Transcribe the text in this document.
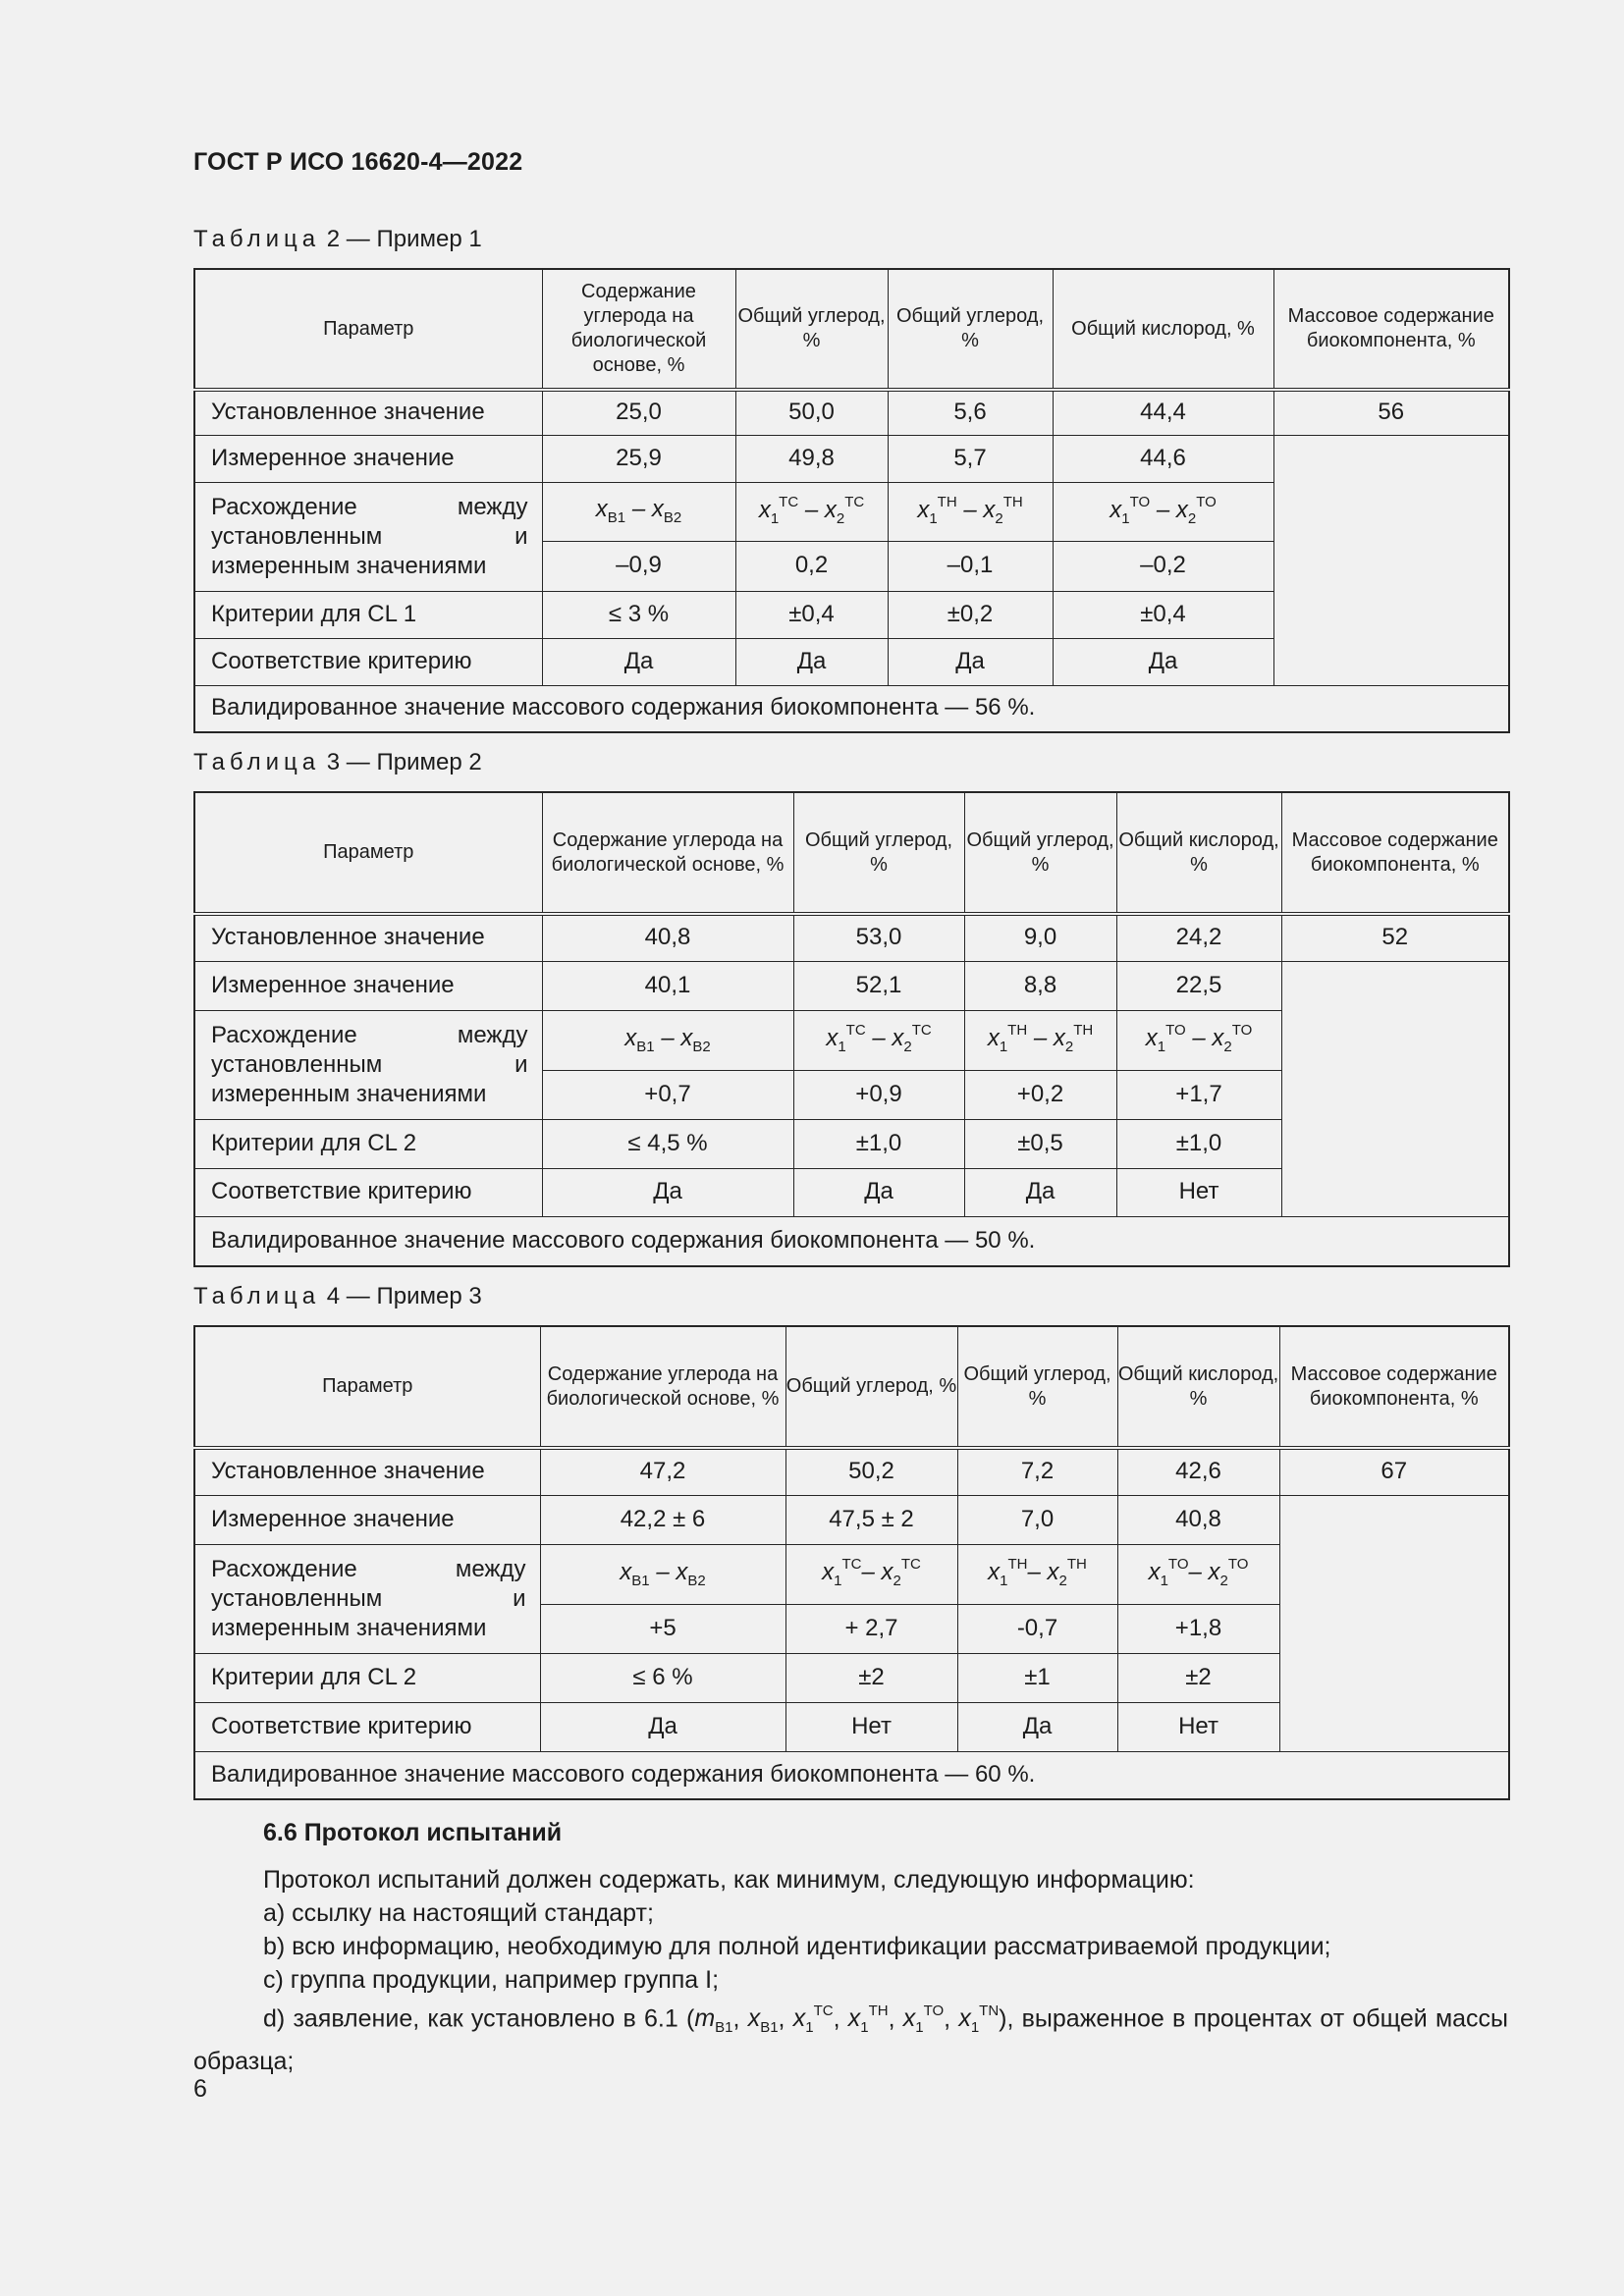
ГОСТ Р ИСО 16620-4—2022
Таблица 2 — Пример 1
Параметр	Содержание углерода на биологической основе, %	Общий углерод, %	Общий углерод, %	Общий кислород, %	Массовое содержание биокомпонента, %
Установленное значение	25,0	50,0	5,6	44,4	56
Измеренное значение	25,9	49,8	5,7	44,6	
Расхождение между установленным и измеренным значениями	$x_{B1} - x_{B2}$	$x_1^{TC} - x_2^{TC}$	$x_1^{TH} - x_2^{TH}$	$x_1^{TO} - x_2^{TO}$
	–0,9	0,2	–0,1	–0,2	
Критерии для CL 1	≤ 3 %	±0,4	±0,2	±0,4	
Соответствие критерию	Да	Да	Да	Да	
Валидированное значение массового содержания биокомпонента — 56 %.					
Таблица 3 — Пример 2
Параметр	Содержание углерода на биологической основе, %	Общий углерод, %	Общий углерод, %	Общий кислород, %	Массовое содержание биокомпонента, %
Установленное значение	40,8	53,0	9,0	24,2	52
Измеренное значение	40,1	52,1	8,8	22,5	
Расхождение между установленным и измеренным значениями	$x_{B1} - x_{B2}$	$x_1^{TC} - x_2^{TC}$	$x_1^{TH} - x_2^{TH}$	$x_1^{TO} - x_2^{TO}$
	+0,7	+0,9	+0,2	+1,7	
Критерии для CL 2	≤ 4,5 %	±1,0	±0,5	±1,0	
Соответствие критерию	Да	Да	Да	Нет	
Валидированное значение массового содержания биокомпонента — 50 %.					
Таблица 4 — Пример 3
Параметр	Содержание углерода на биологической основе, %	Общий углерод, %	Общий углерод, %	Общий кислород, %	Массовое содержание биокомпонента, %
Установленное значение	47,2	50,2	7,2	42,6	67
Измеренное значение	42,2 ± 6	47,5 ± 2	7,0	40,8	
Расхождение между установленным и измеренным значениями	$x_{B1} - x_{B2}$	$x_1^{TC}-$ $x_2^{TC}$	$x_1^{TH}-$ $x_2^{TH}$	$x_1^{TO}-$ $x_2^{TO}$
	+5	+ 2,7	-0,7	+1,8	
Критерии для CL 2	≤ 6 %	±2	±1	±2	
Соответствие критерию	Да	Нет	Да	Нет	
Валидированное значение массового содержания биокомпонента — 60 %.					
6.6 Протокол испытаний
Протокол испытаний должен содержать, как минимум, следующую информацию:
a) ссылку на настоящий стандарт;
b) всю информацию, необходимую для полной идентификации рассматриваемой продукции;
c) группа продукции, например группа I;
d) заявление, как установлено в 6.1 ($m_{B1}$, $x_{B1}$, $x_1^{TC}$, $x_1^{TH}$, $x_1^{TO}$, $x_1^{TN}$), выраженное в процентах от общей массы образца;
6
